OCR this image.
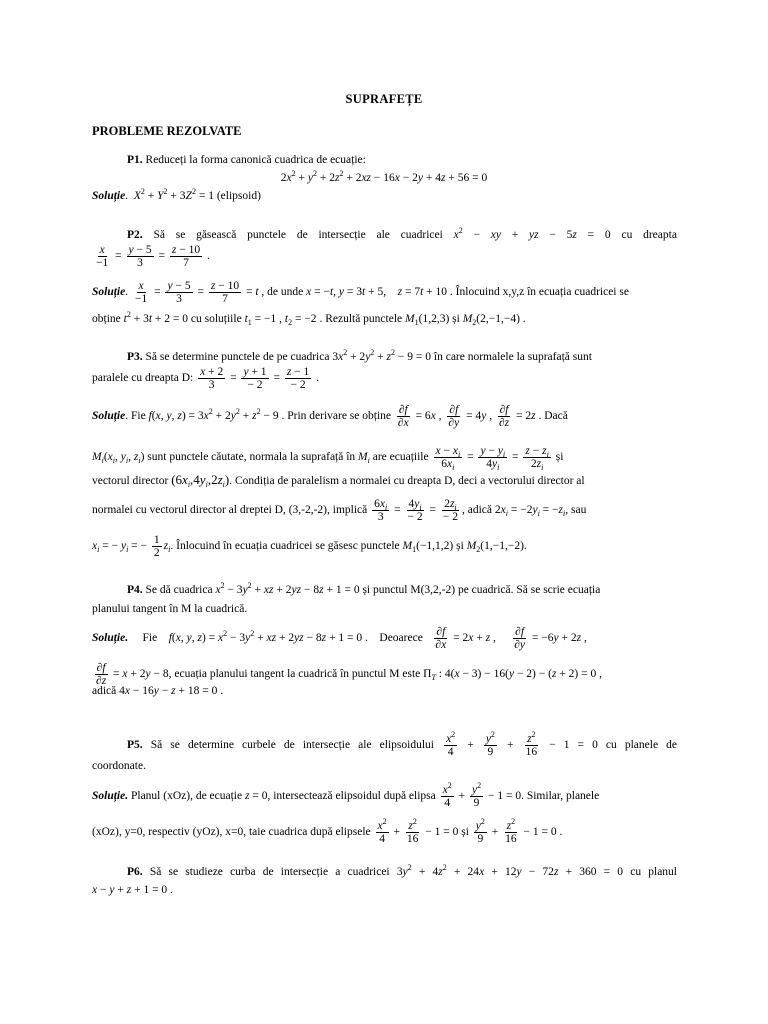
SUPRAFEȚE
PROBLEME REZOLVATE
P1. Reduceți la forma canonică cuadrica de ecuație:
$2x^2 + y^2 + 2z^2 + 2xz - 16x - 2y + 4z + 56 = 0$
Soluție.  $X^2 + Y^2 + 3Z^2 = 1$ (elipsoid)
P2. Să se găsească punctele de intersecție ale cuadricei $x^2$ − xy + yz − 5z = 0 cu dreapta
$\frac{x}{-1} = \frac{y - 5}{3} = \frac{z - 10}{7}$ .
Soluție. $\frac{x}{-1} = \frac{y - 5}{3} = \frac{z - 10}{7} = t$ , de unde x = −t, y = 3t + 5,    z = 7t + 10 . Înlocuind x,y,z în ecuația cuadricei se
obține $t^2 + 3t + 2 = 0$ cu soluțiile $t_1 = -1$ , $t_2 = -2$ . Rezultă punctele $M_1(1,2,3)$ și $M_2(2,-1,-4)$ .
P3. Să se determine punctele de pe cuadrica $3x^2 + 2y^2 + z^2 - 9 = 0$ în care normalele la suprafață sunt
paralele cu dreapta D: $\frac{x + 2}{3} = \frac{y + 1}{- 2} = \frac{z - 1}{- 2}$ .
Soluție. Fie f(x, y, $z) = 3x^2 + 2y^2 + z^2 - 9$ . Prin derivare se obține $\frac{\partial f}{\partial x} = 6x$ , $\frac{\partial f}{\partial y} = 4y$ , $\frac{\partial f}{\partial z} = 2z$ . Dacă
$M_i(x_i$, $y_i$, $z_i$) sunt punctele căutate, normala la suprafață în $M_i$ are ecuațiile $\frac{x - x_i}{6x_i} = \frac{y - y_i}{4y_i} = \frac{z - z_i}{2z_i}$ și
vectorul director $(6x_i,4y_i,2z_i)$. Condiția de paralelism a normalei cu dreapta D, deci a vectorului director al
normalei cu vectorul director al dreptei D, (3,-2,-2), implică $\frac{6x_i}{3} = \frac{4y_i}{- 2} = \frac{2z_i}{- 2}$ , adică $2x_i = -2y_i = -z_i$, sau
$x_i$ = − $y_i$ = − $\frac{1}{2} z_i$. Înlocuind în ecuația cuadricei se găsesc punctele $M_1(-1,1,2)$ și $M_2(1,-1,-2)$.
P4. Se dă cuadrica $x^2 - 3y^2$ + xz + 2yz − 8z + 1 = 0 și punctul M(3,2,-2) pe cuadrică. Să se scrie ecuația
planului tangent în M la cuadrică.
Soluție. Fie f(x, y, $z) = x^2 - 3y^2$ + xz + 2yz − 8z + 1 = 0 .    Deoarece $\frac{\partial f}{\partial x} = 2x + z$ , $\frac{\partial f}{\partial y} = -6y + 2z$ ,
$\frac{\partial f}{\partial z} = x + 2y - 8$, ecuația planului tangent la cuadrică în punctul M este $\Pi_T$ : 4(x − 3) − 16(y − 2) − (z + 2) = 0 ,
adică 4x − 16y − z + 18 = 0 .
P5. Să se determine curbele de intersecție ale elipsoidului $\frac{x^2}{4} + \frac{y^2}{9} + \frac{z^2}{16} - 1 = 0$ cu planele de
coordonate.
Soluție. Planul (xOz), de ecuație z = 0, intersectează elipsoidul după elipsa $\frac{x^2}{4} + \frac{y^2}{9} - 1 = 0$. Similar, planele
(xOz), y=0, respectiv (yOz), x=0, taie cuadrica după elipsele $\frac{x^2}{4} + \frac{z^2}{16} - 1 = 0$ și $\frac{y^2}{9} + \frac{z^2}{16} - 1 = 0$ .
P6. Să se studieze curba de intersecție a cuadricei $3y^2 + 4z^2 + 24x + 12y - 72z + 360 = 0$ cu planul
x − y + z + 1 = 0 .
